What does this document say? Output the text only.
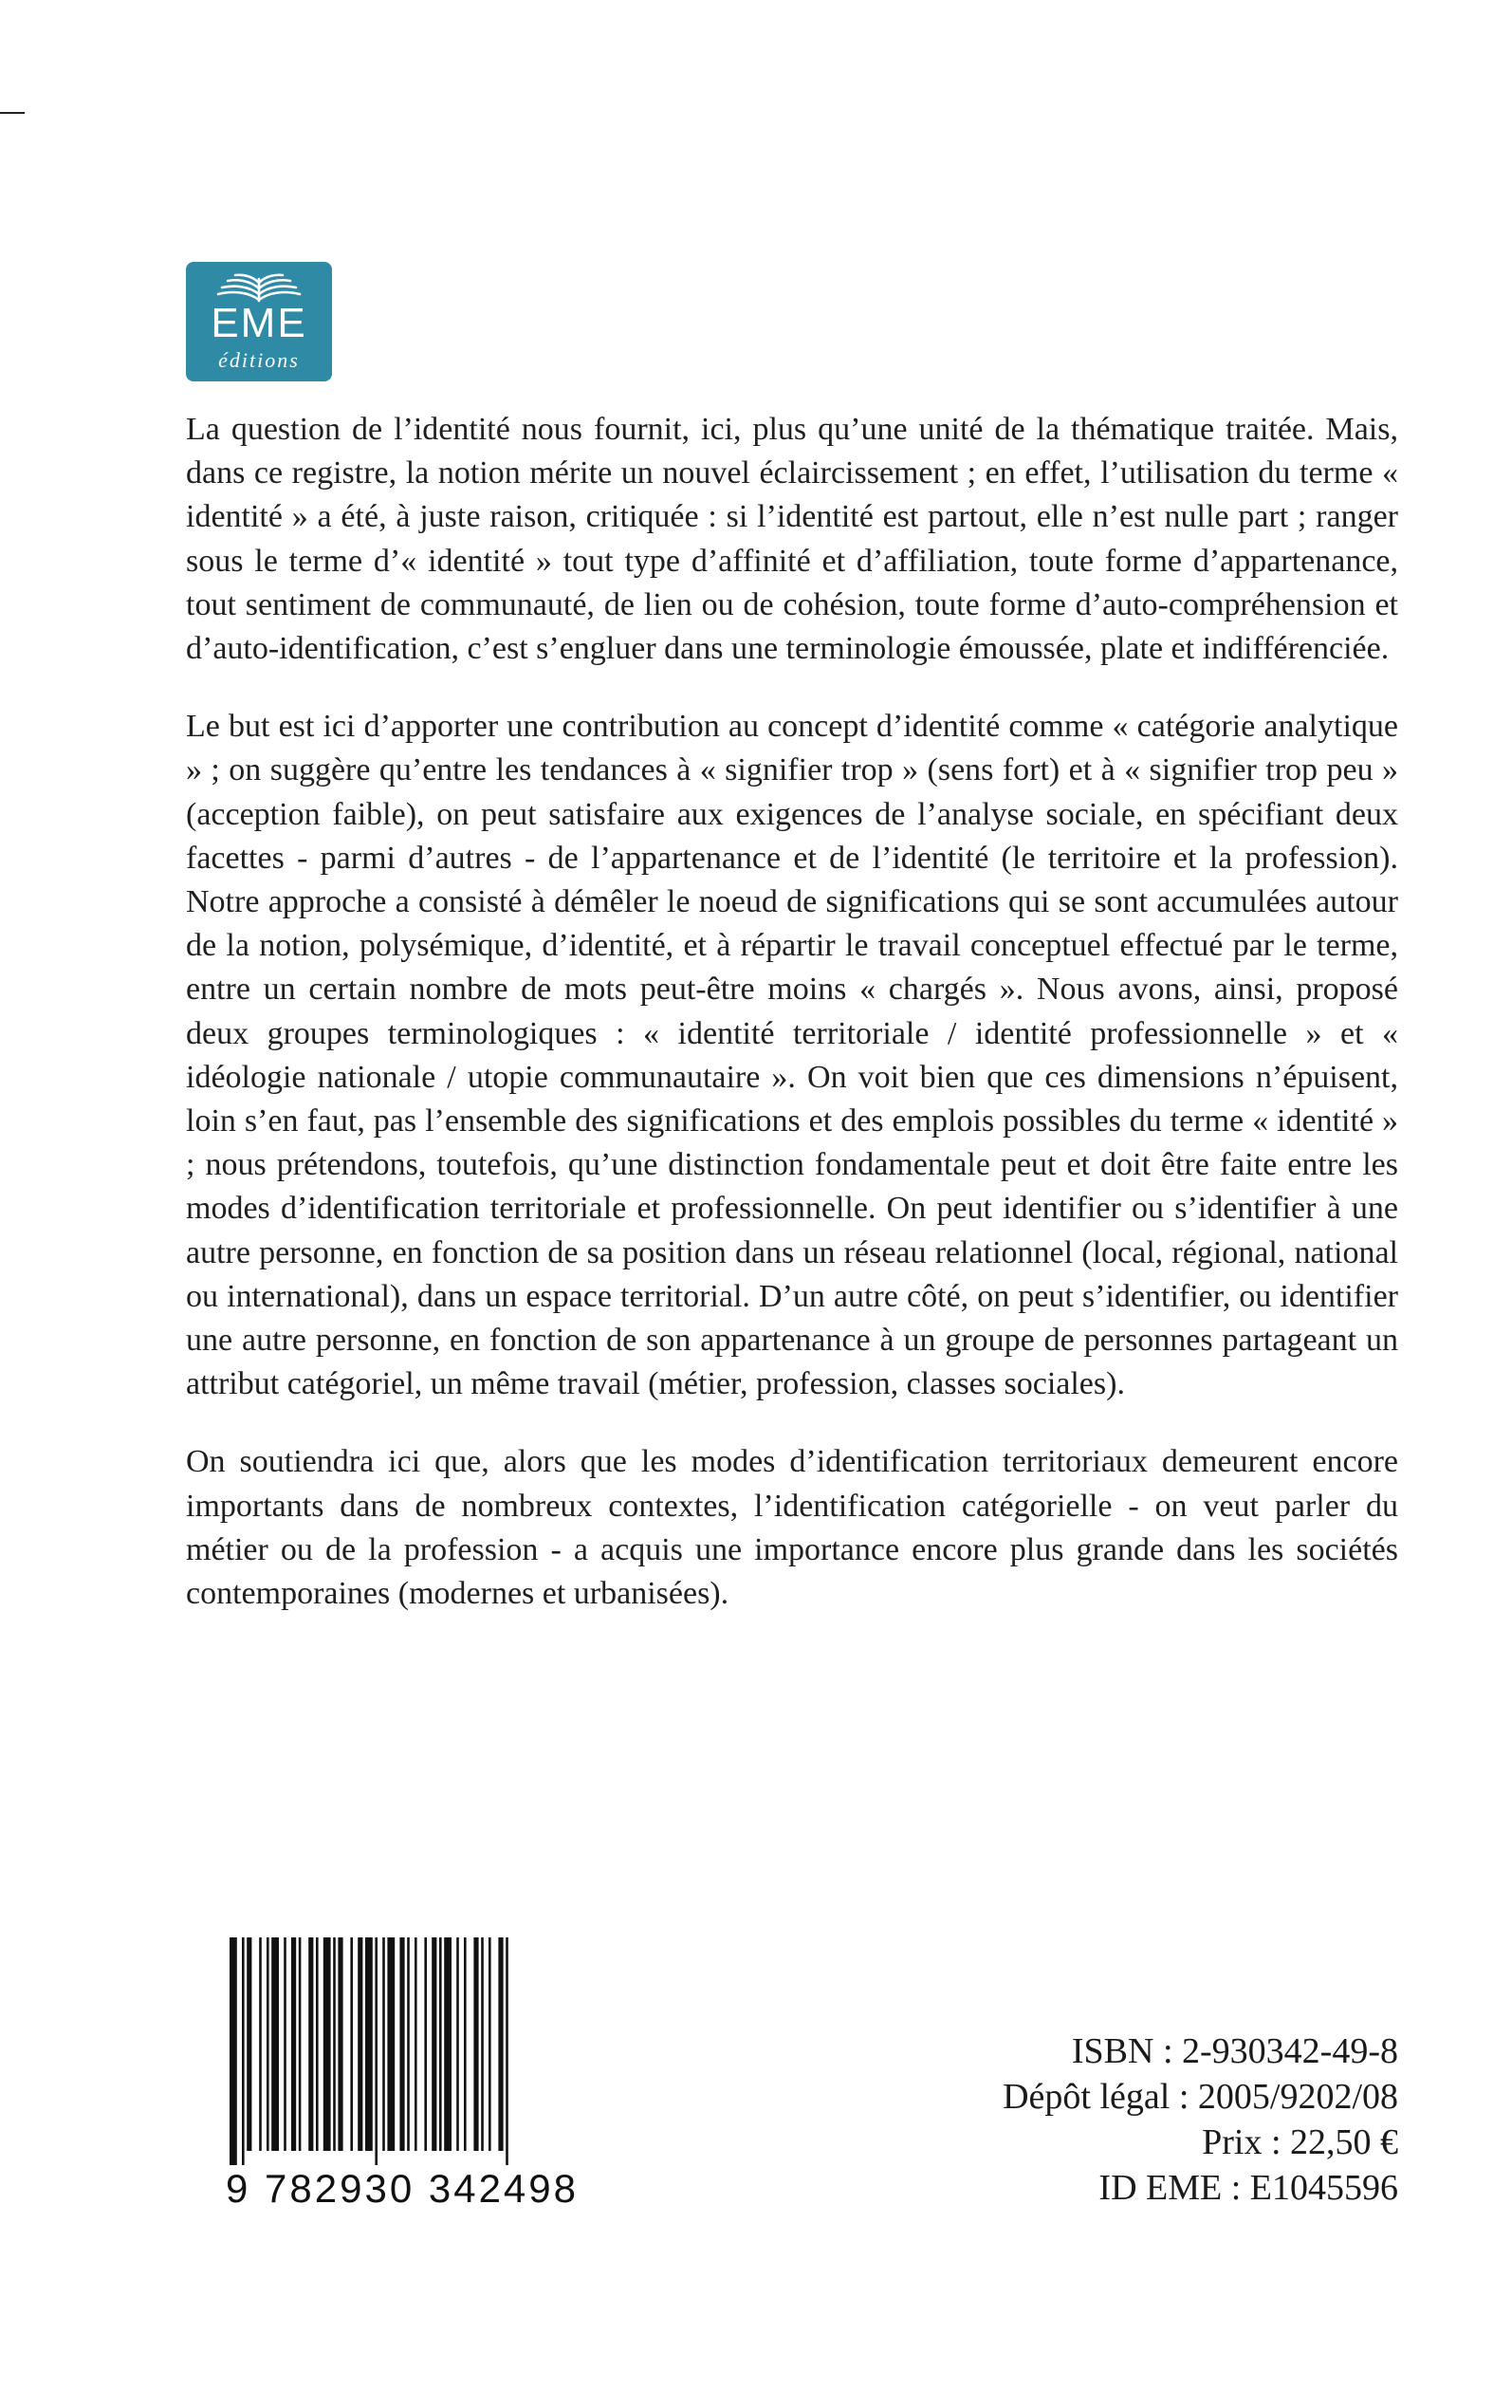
EME
éditions

La question de l’identité nous fournit, ici, plus qu’une unité de la thématique traitée. Mais, dans ce registre, la notion mérite un nouvel éclaircissement ; en effet, l’utilisation du terme « identité » a été, à juste raison, critiquée : si l’identité est partout, elle n’est nulle part ; ranger sous le terme d’« identité » tout type d’affinité et d’affiliation, toute forme d’appartenance, tout sentiment de communauté, de lien ou de cohésion, toute forme d’auto-compréhension et d’auto-identification, c’est s’engluer dans une terminologie émoussée, plate et indifférenciée.

Le but est ici d’apporter une contribution au concept d’identité comme « catégorie analytique » ; on suggère qu’entre les tendances à « signifier trop » (sens fort) et à « signifier trop peu » (acception faible), on peut satisfaire aux exigences de l’analyse sociale, en spécifiant deux facettes - parmi d’autres - de l’appartenance et de l’identité (le territoire et la profession). Notre approche a consisté à démêler le noeud de significations qui se sont accumulées autour de la notion, polysémique, d’identité, et à répartir le travail conceptuel effectué par le terme, entre un certain nombre de mots peut-être moins « chargés ». Nous avons, ainsi, proposé deux groupes terminologiques : « identité territoriale / identité professionnelle » et « idéologie nationale / utopie communautaire ». On voit bien que ces dimensions n’épuisent, loin s’en faut, pas l’ensemble des significations et des emplois possibles du terme « identité » ; nous prétendons, toutefois, qu’une distinction fondamentale peut et doit être faite entre les modes d’identification territoriale et professionnelle. On peut identifier ou s’identifier à une autre personne, en fonction de sa position dans un réseau relationnel (local, régional, national ou international), dans un espace territorial. D’un autre côté, on peut s’identifier, ou identifier une autre personne, en fonction de son appartenance à un groupe de personnes partageant un attribut catégoriel, un même travail (métier, profession, classes sociales).

On soutiendra ici que, alors que les modes d’identification territoriaux demeurent encore importants dans de nombreux contextes, l’identification catégorielle - on veut parler du métier ou de la profession - a acquis une importance encore plus grande dans les sociétés contemporaines (modernes et urbanisées).

9 782930 342498
ISBN : 2-930342-49-8
Dépôt légal : 2005/9202/08
Prix : 22,50 €
ID EME : E1045596
